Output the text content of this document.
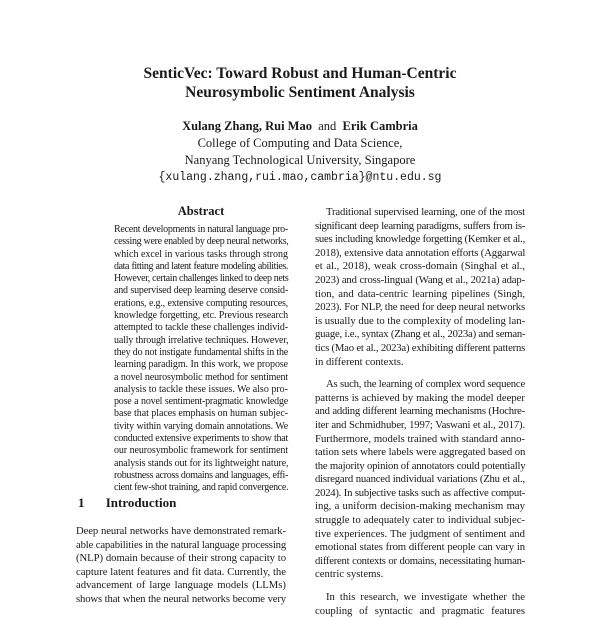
SenticVec: Toward Robust and Human-Centric
Neurosymbolic Sentiment Analysis
Xulang Zhang, Rui Mao and Erik Cambria
College of Computing and Data Science,
Nanyang Technological University, Singapore
{xulang.zhang,rui.mao,cambria}@ntu.edu.sg
Abstract
Recent developments in natural language pro-
cessing were enabled by deep neural networks,
which excel in various tasks through strong
data fitting and latent feature modeling abilities.
However, certain challenges linked to deep nets
and supervised deep learning deserve consid-
erations, e.g., extensive computing resources,
knowledge forgetting, etc. Previous research
attempted to tackle these challenges individ-
ually through irrelative techniques. However,
they do not instigate fundamental shifts in the
learning paradigm. In this work, we propose
a novel neurosymbolic method for sentiment
analysis to tackle these issues. We also pro-
pose a novel sentiment-pragmatic knowledge
base that places emphasis on human subjec-
tivity within varying domain annotations. We
conducted extensive experiments to show that
our neurosymbolic framework for sentiment
analysis stands out for its lightweight nature,
robustness across domains and languages, effi-
cient few-shot training, and rapid convergence.
1 Introduction
Deep neural networks have demonstrated remark-
able capabilities in the natural language processing
(NLP) domain because of their strong capacity to
capture latent features and fit data. Currently, the
advancement of large language models (LLMs)
shows that when the neural networks become very
Traditional supervised learning, one of the most
significant deep learning paradigms, suffers from is-
sues including knowledge forgetting (Kemker et al.,
2018), extensive data annotation efforts (Aggarwal
et al., 2018), weak cross-domain (Singhal et al.,
2023) and cross-lingual (Wang et al., 2021a) adap-
tion, and data-centric learning pipelines (Singh,
2023). For NLP, the need for deep neural networks
is usually due to the complexity of modeling lan-
guage, i.e., syntax (Zhang et al., 2023a) and seman-
tics (Mao et al., 2023a) exhibiting different patterns
in different contexts.
As such, the learning of complex word sequence
patterns is achieved by making the model deeper
and adding different learning mechanisms (Hochre-
iter and Schmidhuber, 1997; Vaswani et al., 2017).
Furthermore, models trained with standard anno-
tation sets where labels were aggregated based on
the majority opinion of annotators could potentially
disregard nuanced individual variations (Zhu et al.,
2024). In subjective tasks such as affective comput-
ing, a uniform decision-making mechanism may
struggle to adequately cater to individual subjec-
tive experiences. The judgment of sentiment and
emotional states from different people can vary in
different contexts or domains, necessitating human-
centric systems.
In this research, we investigate whether the
coupling of syntactic and pragmatic features
